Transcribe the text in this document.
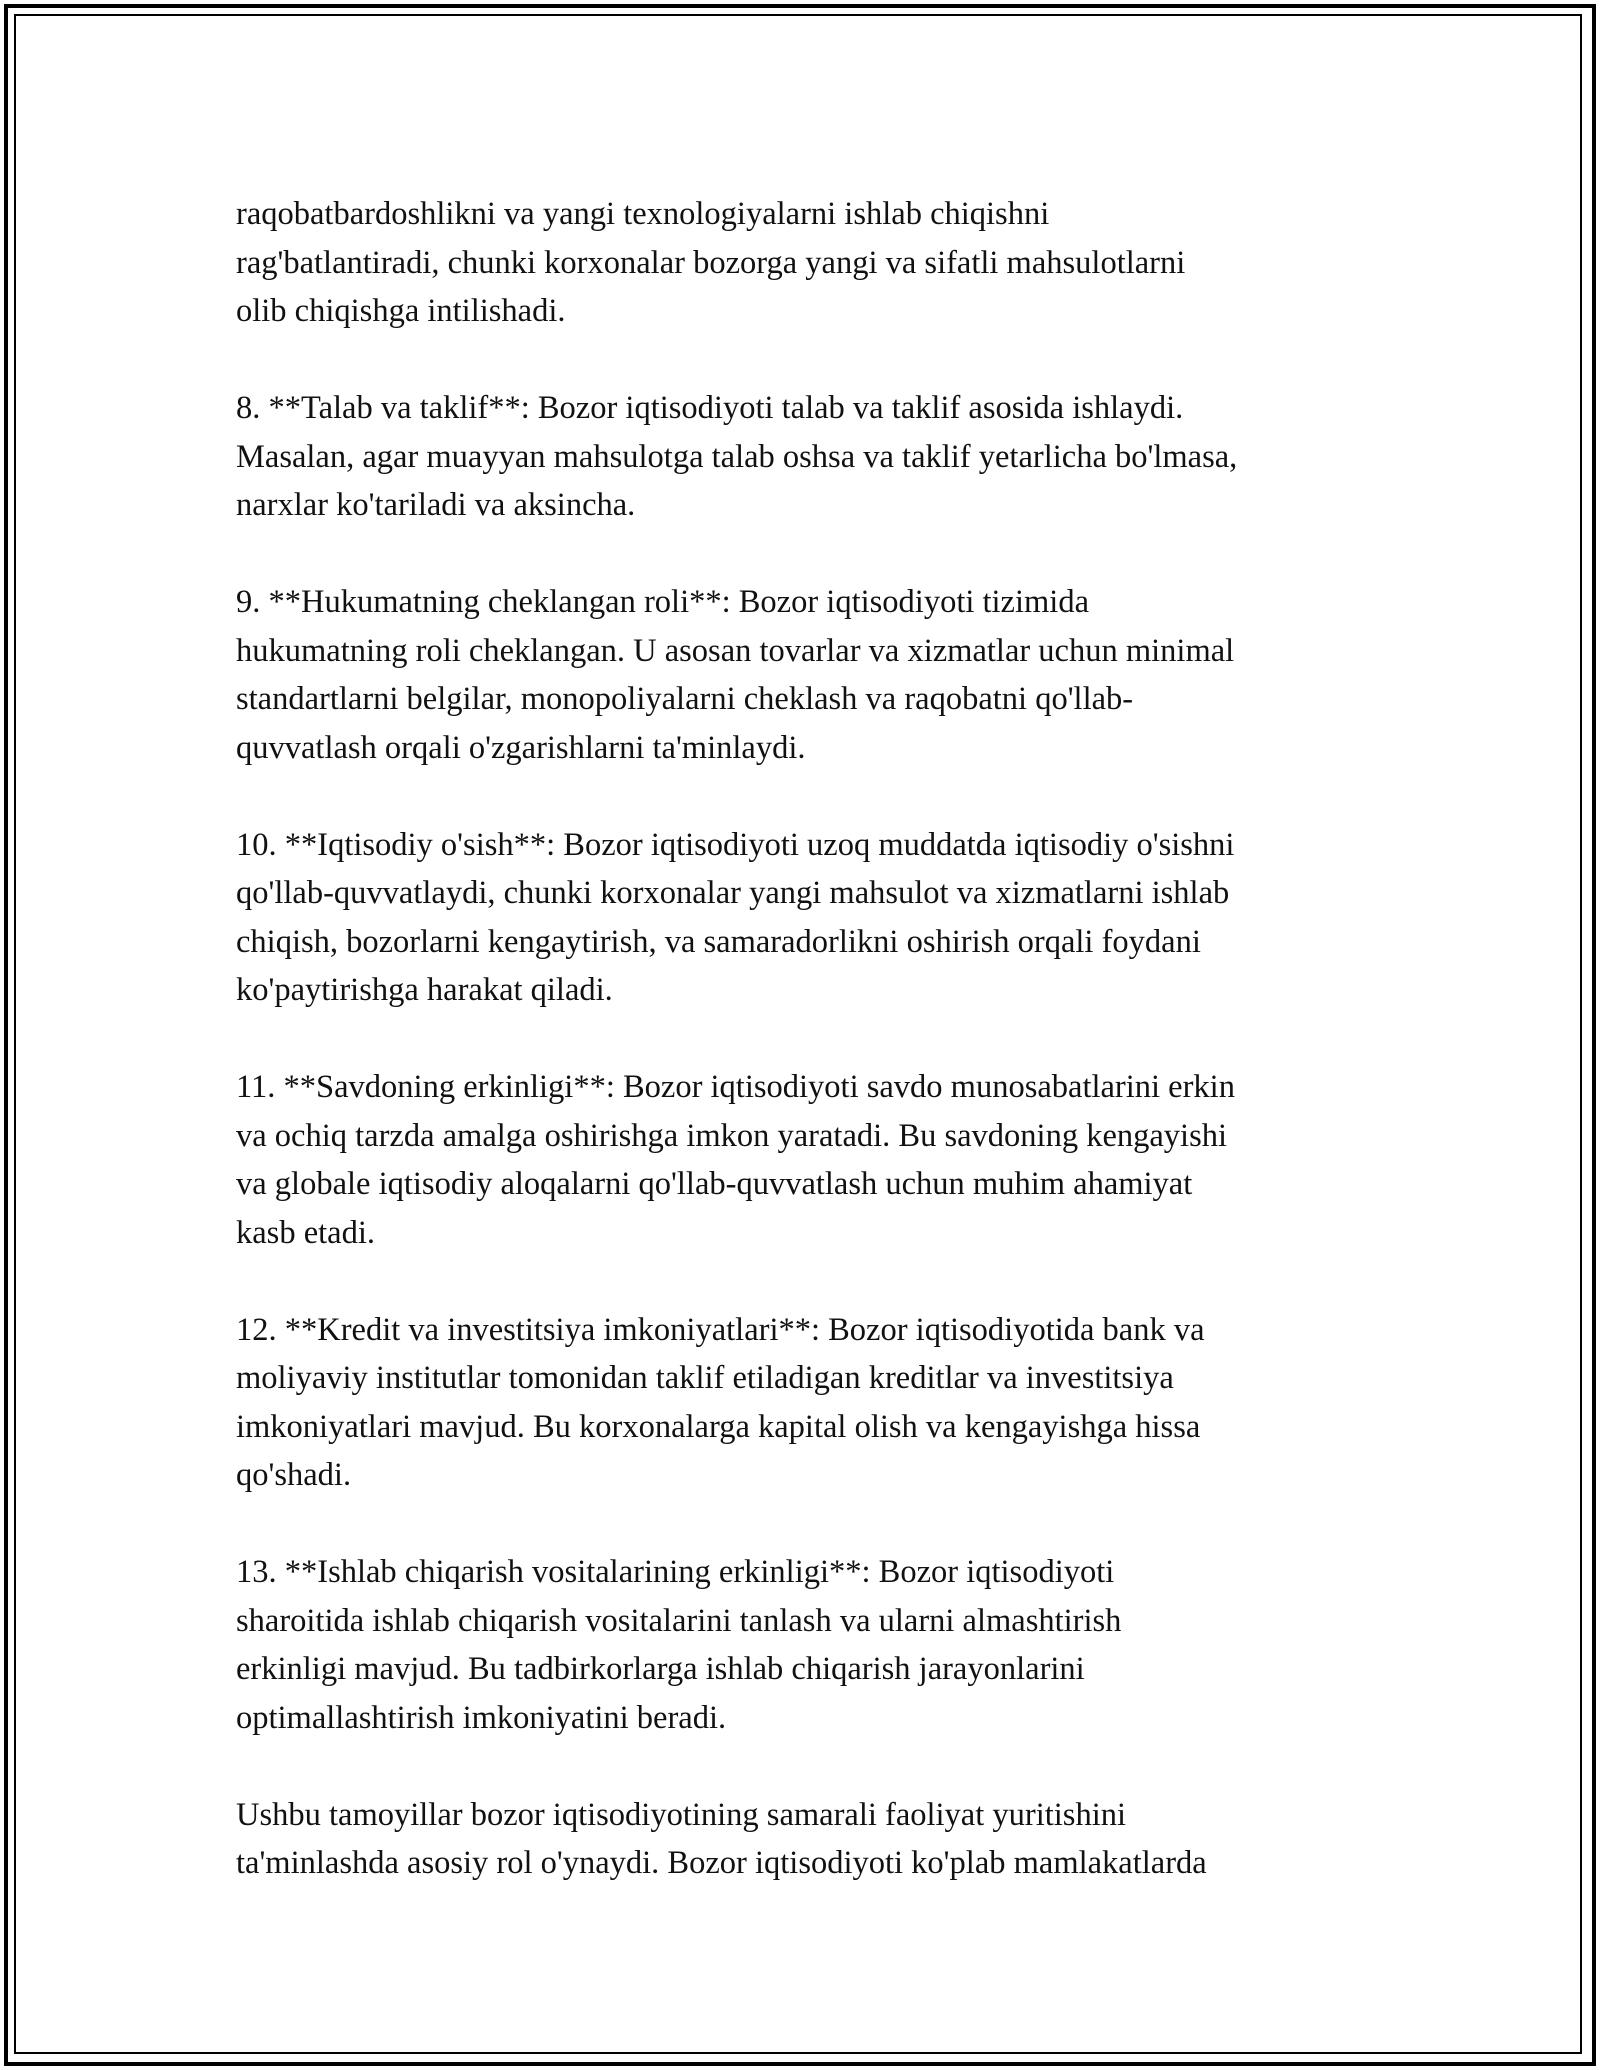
raqobatbardoshlikni va yangi texnologiyalarni ishlab chiqishni
rag'batlantiradi, chunki korxonalar bozorga yangi va sifatli mahsulotlarni
olib chiqishga intilishadi.

8. **Talab va taklif**: Bozor iqtisodiyoti talab va taklif asosida ishlaydi.
Masalan, agar muayyan mahsulotga talab oshsa va taklif yetarlicha bo'lmasa,
narxlar ko'tariladi va aksincha.

9. **Hukumatning cheklangan roli**: Bozor iqtisodiyoti tizimida
hukumatning roli cheklangan. U asosan tovarlar va xizmatlar uchun minimal
standartlarni belgilar, monopoliyalarni cheklash va raqobatni qo'llab-
quvvatlash orqali o'zgarishlarni ta'minlaydi.

10. **Iqtisodiy o'sish**: Bozor iqtisodiyoti uzoq muddatda iqtisodiy o'sishni
qo'llab-quvvatlaydi, chunki korxonalar yangi mahsulot va xizmatlarni ishlab
chiqish, bozorlarni kengaytirish, va samaradorlikni oshirish orqali foydani
ko'paytirishga harakat qiladi.

11. **Savdoning erkinligi**: Bozor iqtisodiyoti savdo munosabatlarini erkin
va ochiq tarzda amalga oshirishga imkon yaratadi. Bu savdoning kengayishi
va globale iqtisodiy aloqalarni qo'llab-quvvatlash uchun muhim ahamiyat
kasb etadi.

12. **Kredit va investitsiya imkoniyatlari**: Bozor iqtisodiyotida bank va
moliyaviy institutlar tomonidan taklif etiladigan kreditlar va investitsiya
imkoniyatlari mavjud. Bu korxonalarga kapital olish va kengayishga hissa
qo'shadi.

13. **Ishlab chiqarish vositalarining erkinligi**: Bozor iqtisodiyoti
sharoitida ishlab chiqarish vositalarini tanlash va ularni almashtirish
erkinligi mavjud. Bu tadbirkorlarga ishlab chiqarish jarayonlarini
optimallashtirish imkoniyatini beradi.

Ushbu tamoyillar bozor iqtisodiyotining samarali faoliyat yuritishini
ta'minlashda asosiy rol o'ynaydi. Bozor iqtisodiyoti ko'plab mamlakatlarda
